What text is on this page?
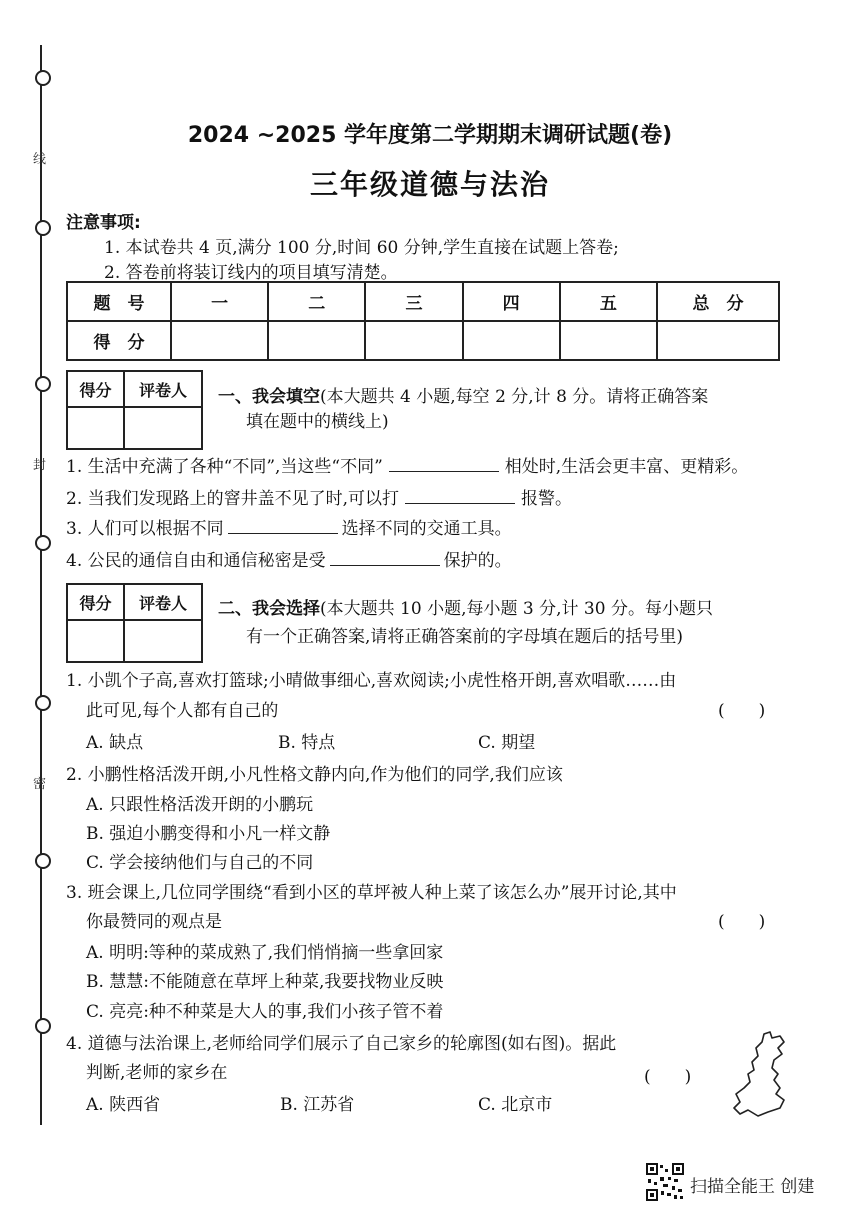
线
封
密
2024 ~2025 学年度第二学期期末调研试题(卷)
三年级道德与法治
注意事项:
1. 本试卷共 4 页,满分 100 分,时间 60 分钟,学生直接在试题上答卷;
2. 答卷前将装订线内的项目填写清楚。
题　号	一	二	三	四	五	总　分
得　分						
得分	评卷人
	一、我会填空(本大题共 4 小题,每空 2 分,计 8 分。请将正确答案
填在题中的横线上)
1. 生活中充满了各种“不同”,当这些“不同”	相处时,生活会更丰富、更精彩。
2. 当我们发现路上的窨井盖不见了时,可以打	报警。
3. 人们可以根据不同	选择不同的交通工具。
4. 公民的通信自由和通信秘密是受	保护的。
得分	评卷人
	二、我会选择(本大题共 10 小题,每小题 3 分,计 30 分。每小题只
有一个正确答案,请将正确答案前的字母填在题后的括号里)
1. 小凯个子高,喜欢打篮球;小晴做事细心,喜欢阅读;小虎性格开朗,喜欢唱歌……由
此可见,每个人都有自己的	(　　)
A. 缺点	B. 特点	C. 期望
2. 小鹏性格活泼开朗,小凡性格文静内向,作为他们的同学,我们应该
A. 只跟性格活泼开朗的小鹏玩
B. 强迫小鹏变得和小凡一样文静
C. 学会接纳他们与自己的不同
3. 班会课上,几位同学围绕“看到小区的草坪被人种上菜了该怎么办”展开讨论,其中
你最赞同的观点是	(　　)
A. 明明:等种的菜成熟了,我们悄悄摘一些拿回家
B. 慧慧:不能随意在草坪上种菜,我要找物业反映
C. 亮亮:种不种菜是大人的事,我们小孩子管不着
4. 道德与法治课上,老师给同学们展示了自己家乡的轮廓图(如右图)。据此
判断,老师的家乡在	(　　)
A. 陕西省	B. 江苏省	C. 北京市
扫描全能王 创建
